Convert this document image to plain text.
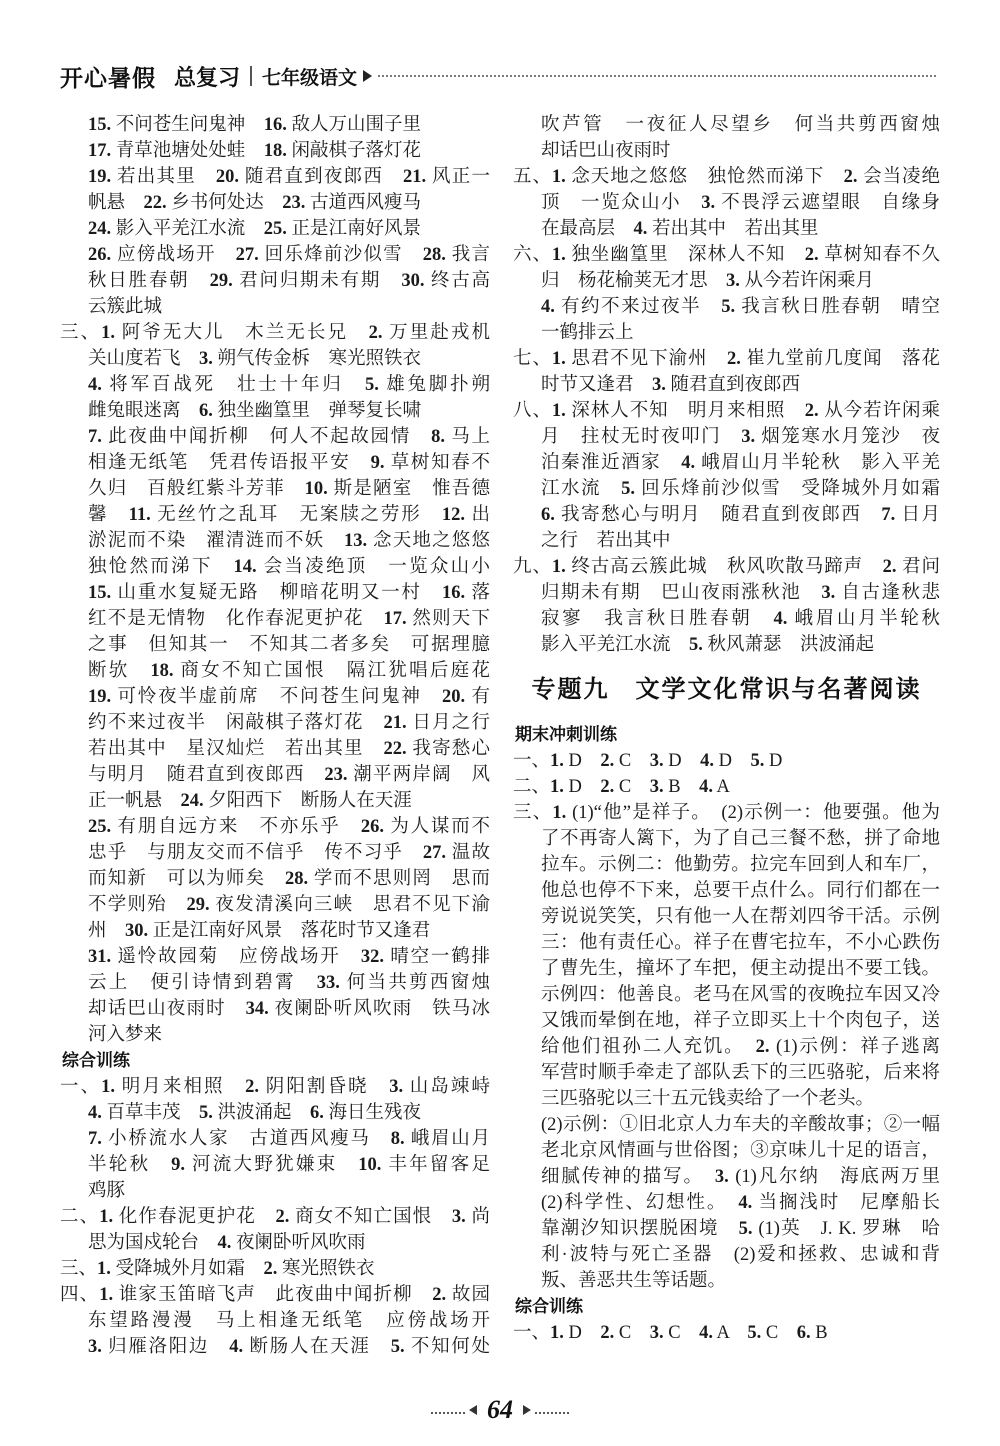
开心暑假 总复习 七年级语文
15. 不问苍生问鬼神　16. 敌人万山围子里
17. 青草池塘处处蛙　18. 闲敲棋子落灯花
19. 若出其里　20. 随君直到夜郎西　21. 风正一
帆悬　22. 乡书何处达　23. 古道西风瘦马
24. 影入平羌江水流　25. 正是江南好风景
26. 应傍战场开　27. 回乐烽前沙似雪　28. 我言
秋日胜春朝　29. 君问归期未有期　30. 终古高
云簇此城
三、1. 阿爷无大儿　木兰无长兄　2. 万里赴戎机
关山度若飞　3. 朔气传金柝　寒光照铁衣
4. 将军百战死　壮士十年归　5. 雄兔脚扑朔
雌兔眼迷离　6. 独坐幽篁里　弹琴复长啸
7. 此夜曲中闻折柳　何人不起故园情　8. 马上
相逢无纸笔　凭君传语报平安　9. 草树知春不
久归　百般红紫斗芳菲　10. 斯是陋室　惟吾德
馨　11. 无丝竹之乱耳　无案牍之劳形　12. 出
淤泥而不染　濯清涟而不妖　13. 念天地之悠悠
独怆然而涕下　14. 会当凌绝顶　一览众山小
15. 山重水复疑无路　柳暗花明又一村　16. 落
红不是无情物　化作春泥更护花　17. 然则天下
之事　但知其一　不知其二者多矣　可据理臆
断欤　18. 商女不知亡国恨　隔江犹唱后庭花
19. 可怜夜半虚前席　不问苍生问鬼神　20. 有
约不来过夜半　闲敲棋子落灯花　21. 日月之行
若出其中　星汉灿烂　若出其里　22. 我寄愁心
与明月　随君直到夜郎西　23. 潮平两岸阔　风
正一帆悬　24. 夕阳西下　断肠人在天涯
25. 有朋自远方来　不亦乐乎　26. 为人谋而不
忠乎　与朋友交而不信乎　传不习乎　27. 温故
而知新　可以为师矣　28. 学而不思则罔　思而
不学则殆　29. 夜发清溪向三峡　思君不见下渝
州　30. 正是江南好风景　落花时节又逢君
31. 遥怜故园菊　应傍战场开　32. 晴空一鹤排
云上　便引诗情到碧霄　33. 何当共剪西窗烛
却话巴山夜雨时　34. 夜阑卧听风吹雨　铁马冰
河入梦来
综合训练
一、1. 明月来相照　2. 阴阳割昏晓　3. 山岛竦峙
4. 百草丰茂　5. 洪波涌起　6. 海日生残夜
7. 小桥流水人家　古道西风瘦马　8. 峨眉山月
半轮秋　9. 河流大野犹嫌束　10. 丰年留客足
鸡豚
二、1. 化作春泥更护花　2. 商女不知亡国恨　3. 尚
思为国戍轮台　4. 夜阑卧听风吹雨
三、1. 受降城外月如霜　2. 寒光照铁衣
四、1. 谁家玉笛暗飞声　此夜曲中闻折柳　2. 故园
东望路漫漫　马上相逢无纸笔　应傍战场开
3. 归雁洛阳边　4. 断肠人在天涯　5. 不知何处
吹芦管　一夜征人尽望乡　何当共剪西窗烛
却话巴山夜雨时
五、1. 念天地之悠悠　独怆然而涕下　2. 会当凌绝
顶　一览众山小　3. 不畏浮云遮望眼　自缘身
在最高层　4. 若出其中　若出其里
六、1. 独坐幽篁里　深林人不知　2. 草树知春不久
归　杨花榆荚无才思　3. 从今若许闲乘月
4. 有约不来过夜半　5. 我言秋日胜春朝　晴空
一鹤排云上
七、1. 思君不见下渝州　2. 崔九堂前几度闻　落花
时节又逢君　3. 随君直到夜郎西
八、1. 深林人不知　明月来相照　2. 从今若许闲乘
月　拄杖无时夜叩门　3. 烟笼寒水月笼沙　夜
泊秦淮近酒家　4. 峨眉山月半轮秋　影入平羌
江水流　5. 回乐烽前沙似雪　受降城外月如霜
6. 我寄愁心与明月　随君直到夜郎西　7. 日月
之行　若出其中
九、1. 终古高云簇此城　秋风吹散马蹄声　2. 君问
归期未有期　巴山夜雨涨秋池　3. 自古逢秋悲
寂寥　我言秋日胜春朝　4. 峨眉山月半轮秋
影入平羌江水流　5. 秋风萧瑟　洪波涌起
专题九　文学文化常识与名著阅读
期末冲刺训练
一、1. D　2. C　3. D　4. D　5. D
二、1. D　2. C　3. B　4. A
三、1. (1)“他”是祥子。　(2)示例一：他要强。他为
了不再寄人篱下，为了自己三餐不愁，拼了命地
拉车。示例二：他勤劳。拉完车回到人和车厂，
他总也停不下来，总要干点什么。同行们都在一
旁说说笑笑，只有他一人在帮刘四爷干活。示例
三：他有责任心。祥子在曹宅拉车，不小心跌伤
了曹先生，撞坏了车把，便主动提出不要工钱。
示例四：他善良。老马在风雪的夜晚拉车因又冷
又饿而晕倒在地，祥子立即买上十个肉包子，送
给他们祖孙二人充饥。　2. (1)示例：祥子逃离
军营时顺手牵走了部队丢下的三匹骆驼，后来将
三匹骆驼以三十五元钱卖给了一个老头。
(2)示例：①旧北京人力车夫的辛酸故事；②一幅
老北京风情画与世俗图；③京味儿十足的语言，
细腻传神的描写。　3. (1)凡尔纳　海底两万里
(2)科学性、幻想性。　4. 当搁浅时　尼摩船长
靠潮汐知识摆脱困境　5. (1)英　J. K. 罗琳　哈
利·波特与死亡圣器　(2)爱和拯救、忠诚和背
叛、善恶共生等话题。
综合训练
一、1. D　2. C　3. C　4. A　5. C　6. B
64
